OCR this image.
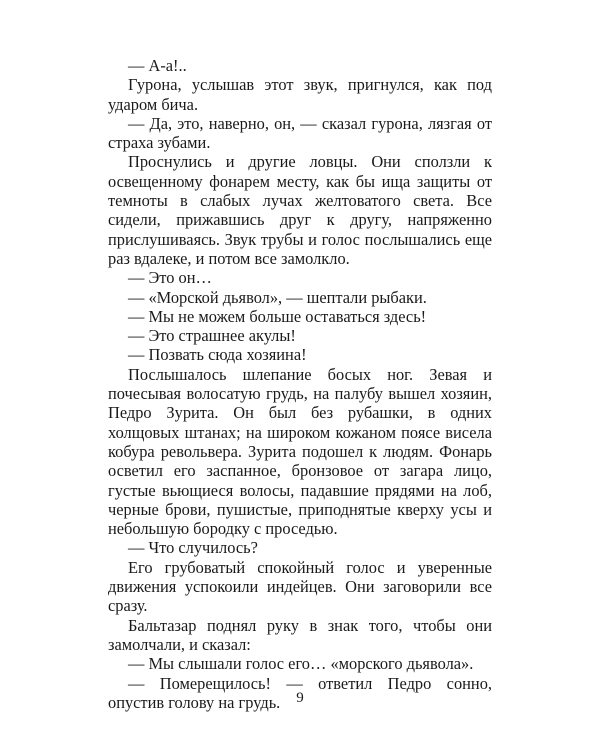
— А-а!..

Гурона, услышав этот звук, пригнулся, как под ударом бича.

— Да, это, наверно, он, — сказал гурона, лязгая от страха зубами.

Проснулись и другие ловцы. Они сползли к освещенному фонарем месту, как бы ища защиты от темноты в слабых лучах желтоватого света. Все сидели, прижавшись друг к другу, напряженно прислушиваясь. Звук трубы и голос послышались еще раз вдалеке, и потом все замолкло.

— Это он…

— «Морской дьявол», — шептали рыбаки.

— Мы не можем больше оставаться здесь!

— Это страшнее акулы!

— Позвать сюда хозяина!

Послышалось шлепание босых ног. Зевая и почесывая волосатую грудь, на палубу вышел хозяин, Педро Зурита. Он был без рубашки, в одних холщовых штанах; на широком кожаном поясе висела кобура револьвера. Зурита подошел к людям. Фонарь осветил его заспанное, бронзовое от загара лицо, густые вьющиеся волосы, падавшие прядями на лоб, черные брови, пушистые, приподнятые кверху усы и небольшую бородку с проседью.

— Что случилось?

Его грубоватый спокойный голос и уверенные движения успокоили индейцев. Они заговорили все сразу.

Бальтазар поднял руку в знак того, чтобы они замолчали, и сказал:

— Мы слышали голос его… «морского дьявола».

— Померещилось! — ответил Педро сонно, опустив голову на грудь.	9
